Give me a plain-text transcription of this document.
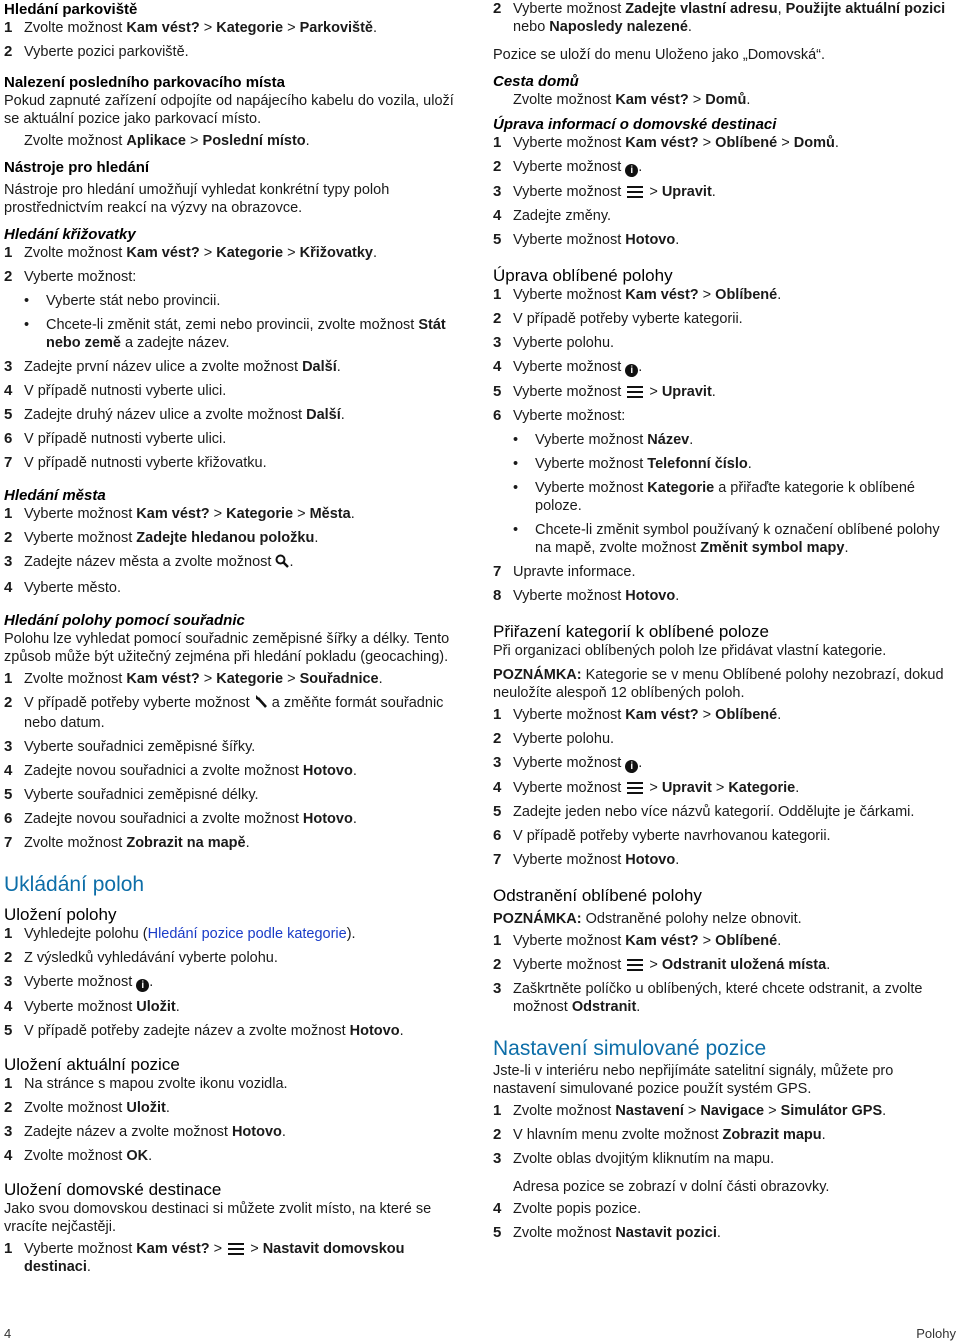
Hledání parkoviště
1 Zvolte možnost Kam vést? > Kategorie > Parkoviště.
2 Vyberte pozici parkoviště.
Nalezení posledního parkovacího místa

Pokud zapnuté zařízení odpojíte od napájecího kabelu do vozila, uloží se aktuální pozice jako parkovací místo.

Zvolte možnost Aplikace > Poslední místo.

Nástroje pro hledání

Nástroje pro hledání umožňují vyhledat konkrétní typy poloh prostřednictvím reakcí na výzvy na obrazovce.

Hledání křižovatky
1 Zvolte možnost Kam vést? > Kategorie > Křižovatky.
2 Vyberte možnost:
•	Vyberte stát nebo provincii.
•	Chcete-li změnit stát, zemi nebo provincii, zvolte možnost Stát nebo země a zadejte název.
3 Zadejte první název ulice a zvolte možnost Další.
4 V případě nutnosti vyberte ulici.
5 Zadejte druhý název ulice a zvolte možnost Další.
6 V případě nutnosti vyberte ulici.
7 V případě nutnosti vyberte křižovatku.
Hledání města
1 Vyberte možnost Kam vést? > Kategorie > Města.
2 Vyberte možnost Zadejte hledanou položku.
3 Zadejte název města a zvolte možnost .
4 Vyberte město.
Hledání polohy pomocí souřadnic

Polohu lze vyhledat pomocí souřadnic zeměpisné šířky a délky. Tento způsob může být užitečný zejména při hledání pokladu (geocaching).

1 Zvolte možnost Kam vést? > Kategorie > Souřadnice.
2 V případě potřeby vyberte možnost  a změňte formát souřadnic nebo datum.
3 Vyberte souřadnici zeměpisné šířky.
4 Zadejte novou souřadnici a zvolte možnost Hotovo.
5 Vyberte souřadnici zeměpisné délky.
6 Zadejte novou souřadnici a zvolte možnost Hotovo.
7 Zvolte možnost Zobrazit na mapě.
Ukládání poloh
Uložení polohy
1 Vyhledejte polohu (Hledání pozice podle kategorie).
2 Z výsledků vyhledávání vyberte polohu.
3 Vyberte možnost i .
4 Vyberte možnost Uložit.
5 V případě potřeby zadejte název a zvolte možnost Hotovo.
Uložení aktuální pozice
1 Na stránce s mapou zvolte ikonu vozidla.
2 Zvolte možnost Uložit.
3 Zadejte název a zvolte možnost Hotovo.
4 Zvolte možnost OK.
Uložení domovské destinace

Jako svou domovskou destinaci si můžete zvolit místo, na které se vracíte nejčastěji.

1 Vyberte možnost Kam vést? >  > Nastavit domovskou destinaci.
2 Vyberte možnost Zadejte vlastní adresu, Použijte aktuální pozici nebo Naposledy nalezené.

Pozice se uloží do menu Uloženo jako „Domovská“.

Cesta domů

Zvolte možnost Kam vést? > Domů.

Úprava informací o domovské destinaci
1 Vyberte možnost Kam vést? > Oblíbené > Domů.
2 Vyberte možnost i .
3 Vyberte možnost  > Upravit.
4 Zadejte změny.
5 Vyberte možnost Hotovo.
Úprava oblíbené polohy
1 Vyberte možnost Kam vést? > Oblíbené.
2 V případě potřeby vyberte kategorii.
3 Vyberte polohu.
4 Vyberte možnost i .
5 Vyberte možnost  > Upravit.
6 Vyberte možnost:
•	Vyberte možnost Název.
•	Vyberte možnost Telefonní číslo.
•	Vyberte možnost Kategorie a přiřaďte kategorie k oblíbené poloze.
•	Chcete-li změnit symbol používaný k označení oblíbené polohy na mapě, zvolte možnost Změnit symbol mapy.
7 Upravte informace.
8 Vyberte možnost Hotovo.
Přiřazení kategorií k oblíbené poloze

Při organizaci oblíbených poloh lze přidávat vlastní kategorie.

POZNÁMKA: Kategorie se v menu Oblíbené polohy nezobrazí, dokud neuložíte alespoň 12 oblíbených poloh.

1 Vyberte možnost Kam vést? > Oblíbené.
2 Vyberte polohu.
3 Vyberte možnost i .
4 Vyberte možnost  > Upravit > Kategorie.
5 Zadejte jeden nebo více názvů kategorií. Oddělujte je čárkami.
6 V případě potřeby vyberte navrhovanou kategorii.
7 Vyberte možnost Hotovo.
Odstranění oblíbené polohy

POZNÁMKA: Odstraněné polohy nelze obnovit.

1 Vyberte možnost Kam vést? > Oblíbené.
2 Vyberte možnost  > Odstranit uložená místa.
3 Zaškrtněte políčko u oblíbených, které chcete odstranit, a zvolte možnost Odstranit.
Nastavení simulované pozice

Jste-li v interiéru nebo nepřijímáte satelitní signály, můžete pro nastavení simulované pozice použít systém GPS.

1 Zvolte možnost Nastavení > Navigace > Simulátor GPS.
2 V hlavním menu zvolte možnost Zobrazit mapu.
3 Zvolte oblas dvojitým kliknutím na mapu.

Adresa pozice se zobrazí v dolní části obrazovky.

4 Zvolte popis pozice.
5 Zvolte možnost Nastavit pozici.
4	Polohy
